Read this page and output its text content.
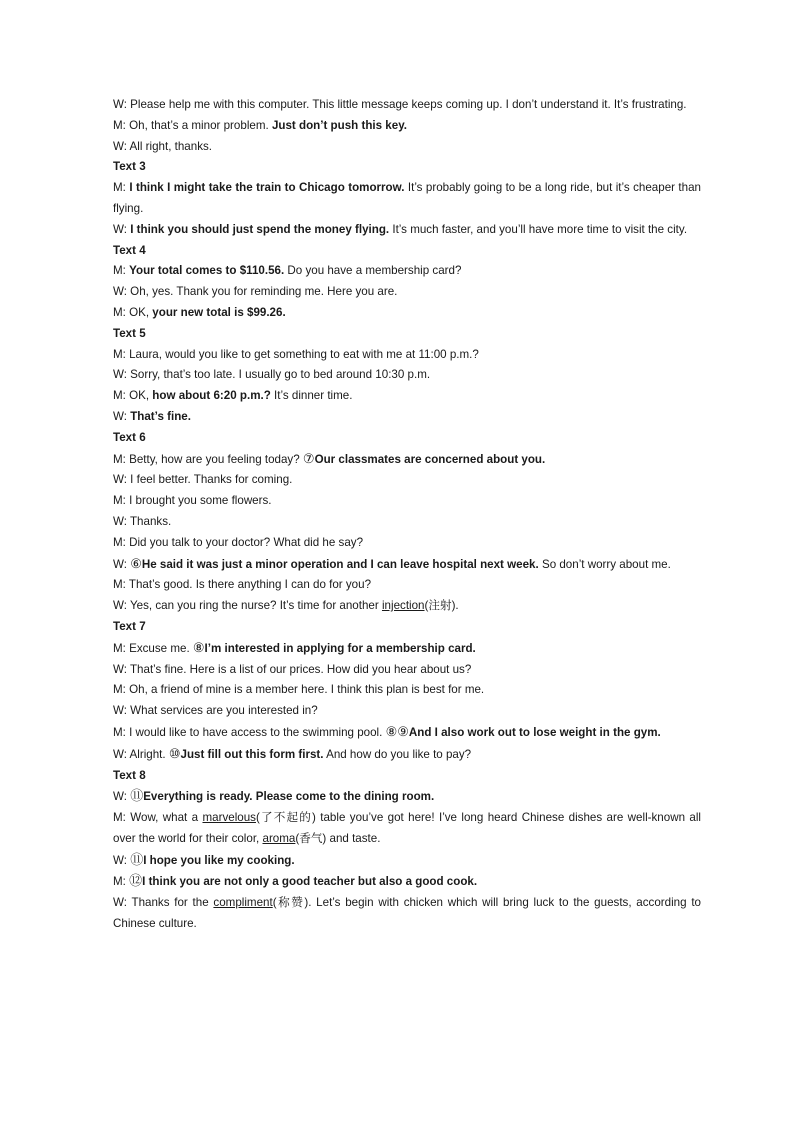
W: Please help me with this computer. This little message keeps coming up. I don’t understand it. It’s frustrating.

M: Oh, that’s a minor problem. Just don’t push this key.

W: All right, thanks.

Text 3

M: I think I might take the train to Chicago tomorrow. It’s probably going to be a long ride, but it’s cheaper than flying.

W: I think you should just spend the money flying. It’s much faster, and you’ll have more time to visit the city.

Text 4

M: Your total comes to $110.56. Do you have a membership card?

W: Oh, yes. Thank you for reminding me. Here you are.

M: OK, your new total is $99.26.

Text 5

M: Laura, would you like to get something to eat with me at 11:00 p.m.?

W: Sorry, that’s too late. I usually go to bed around 10:30 p.m.

M: OK, how about 6:20 p.m.? It’s dinner time.

W: That’s fine.

Text 6

M: Betty, how are you feeling today? ⑦Our classmates are concerned about you.

W: I feel better. Thanks for coming.

M: I brought you some flowers.

W: Thanks.

M: Did you talk to your doctor? What did he say?

W: ⑥He said it was just a minor operation and I can leave hospital next week. So don’t worry about me.

M: That’s good. Is there anything I can do for you?

W: Yes, can you ring the nurse? It’s time for another injection(注射).

Text 7

M: Excuse me. ⑧I’m interested in applying for a membership card.

W: That’s fine. Here is a list of our prices. How did you hear about us?

M: Oh, a friend of mine is a member here. I think this plan is best for me.

W: What services are you interested in?

M: I would like to have access to the swimming pool. ⑧⑨And I also work out to lose weight in the gym.

W: Alright. ⑩Just fill out this form first. And how do you like to pay?

Text 8

W: ⑪Everything is ready. Please come to the dining room.

M: Wow, what a marvelous(了不起的) table you’ve got here! I’ve long heard Chinese dishes are well-known all over the world for their color, aroma(香气) and taste.

W: ⑪I hope you like my cooking.

M: ⑫I think you are not only a good teacher but also a good cook.

W: Thanks for the compliment(称赞). Let’s begin with chicken which will bring luck to the guests, according to Chinese culture.
